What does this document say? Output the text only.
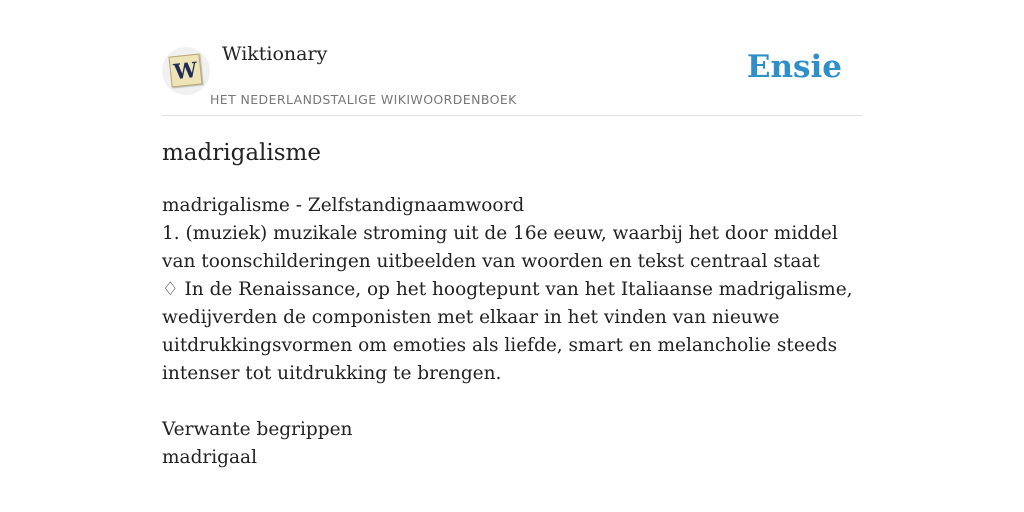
W
Wiktionary
HET NEDERLANDSTALIGE WIKIWOORDENBOEK
Ensie
madrigalisme

madrigalisme - Zelfstandignaamwoord

1. (muziek) muzikale stroming uit de 16e eeuw, waarbij het door middel van toonschilderingen uitbeelden van woorden en tekst centraal staat

♢ In de Renaissance, op het hoogtepunt van het Italiaanse madrigalisme, wedijverden de componisten met elkaar in het vinden van nieuwe uitdrukkingsvormen om emoties als liefde, smart en melancholie steeds intenser tot uitdrukking te brengen.

Verwante begrippen

madrigaal
